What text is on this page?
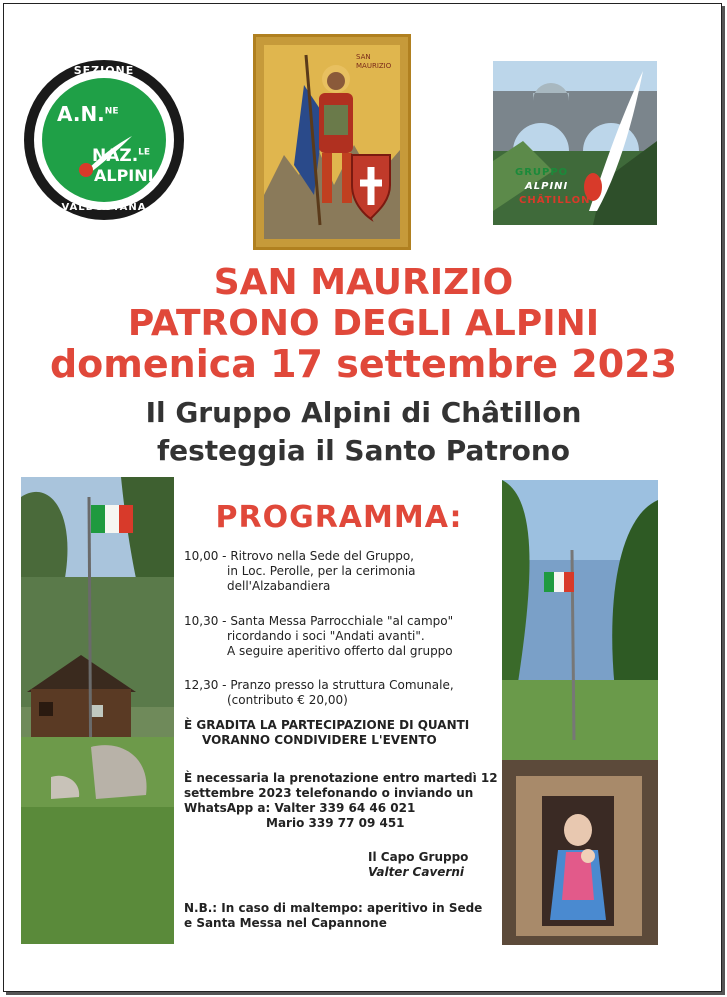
SEZIONE
VALDOSTANA
A.N.$^{NE}$
NAZ.$^{LE}$
ALPINI
SAN MAURIZIO
GRUPPO
ALPINI
CHÂTILLON
SAN MAURIZIO
PATRONO DEGLI ALPINI
domenica 17 settembre 2023
Il Gruppo Alpini di Châtillon
festeggia il Santo Patrono
PROGRAMMA:
10,00 - Ritrovo nella Sede del Gruppo,
in Loc. Perolle, per la cerimonia
dell'Alzabandiera
10,30 - Santa Messa Parrocchiale "al campo"
ricordando i soci "Andati avanti".
A seguire aperitivo offerto dal gruppo
12,30 - Pranzo presso la struttura Comunale,
(contributo € 20,00)
È GRADITA LA PARTECIPAZIONE DI QUANTI
VORANNO CONDIVIDERE L'EVENTO
È necessaria la prenotazione entro martedì 12
settembre 2023 telefonando o inviando un
WhatsApp a: Valter 339 64 46 021
Mario 339 77 09 451
Il Capo Gruppo
Valter Caverni
N.B.: In caso di maltempo: aperitivo in Sede
e Santa Messa nel Capannone
